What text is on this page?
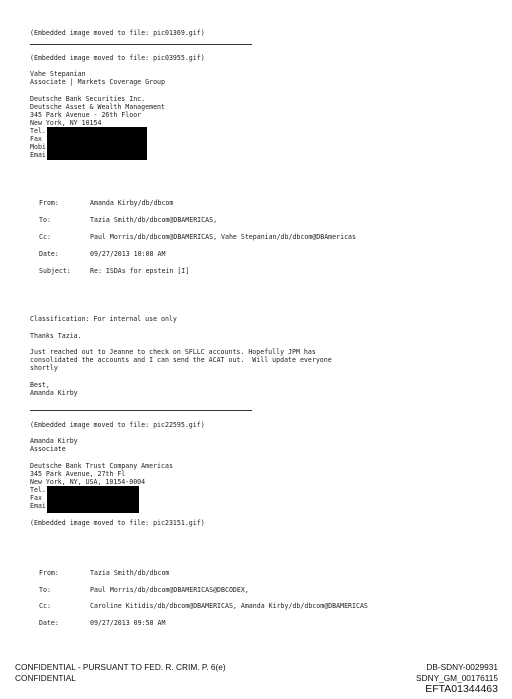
(Embedded image moved to file: pic01369.gif)
(Embedded image moved to file: pic03955.gif)
Vahe Stepanian
Associate | Markets Coverage Group
Deutsche Bank Securities Inc.
Deutsche Asset & Wealth Management
345 Park Avenue - 26th Floor
New York, NY 10154
Tel.
Fax
Mobi
Emai
From:	Amanda Kirby/db/dbcom
To:	Tazia Smith/db/dbcom@DBAMERICAS,
Cc:	Paul Morris/db/dbcom@DBAMERICAS, Vahe Stepanian/db/dbcom@DBAmericas
Date:	09/27/2013 10:08 AM
Subject:	Re: ISDAs for epstein [I]
Classification: For internal use only
Thanks Tazia.
Just reached out to Jeanne to check on SFLLC accounts. Hopefully JPM has
consolidated the accounts and I can send the ACAT out.  Will update everyone
shortly
Best,
Amanda Kirby
(Embedded image moved to file: pic22595.gif)
Amanda Kirby
Associate
Deutsche Bank Trust Company Americas
345 Park Avenue, 27th Fl
New York, NY, USA, 10154-0004
Tel.
Fax
Emai
(Embedded image moved to file: pic23151.gif)
From:	Tazia Smith/db/dbcom
To:	Paul Morris/db/dbcom@DBAMERICAS@DBCODEX,
Cc:	Caroline Kitidis/db/dbcom@DBAMERICAS, Amanda Kirby/db/dbcom@DBAMERICAS
Date:	09/27/2013 09:58 AM
CONFIDENTIAL - PURSUANT TO FED. R. CRIM. P. 6(e)
CONFIDENTIAL
DB-SDNY-0029931
SDNY_GM_00176115
EFTA01344463
